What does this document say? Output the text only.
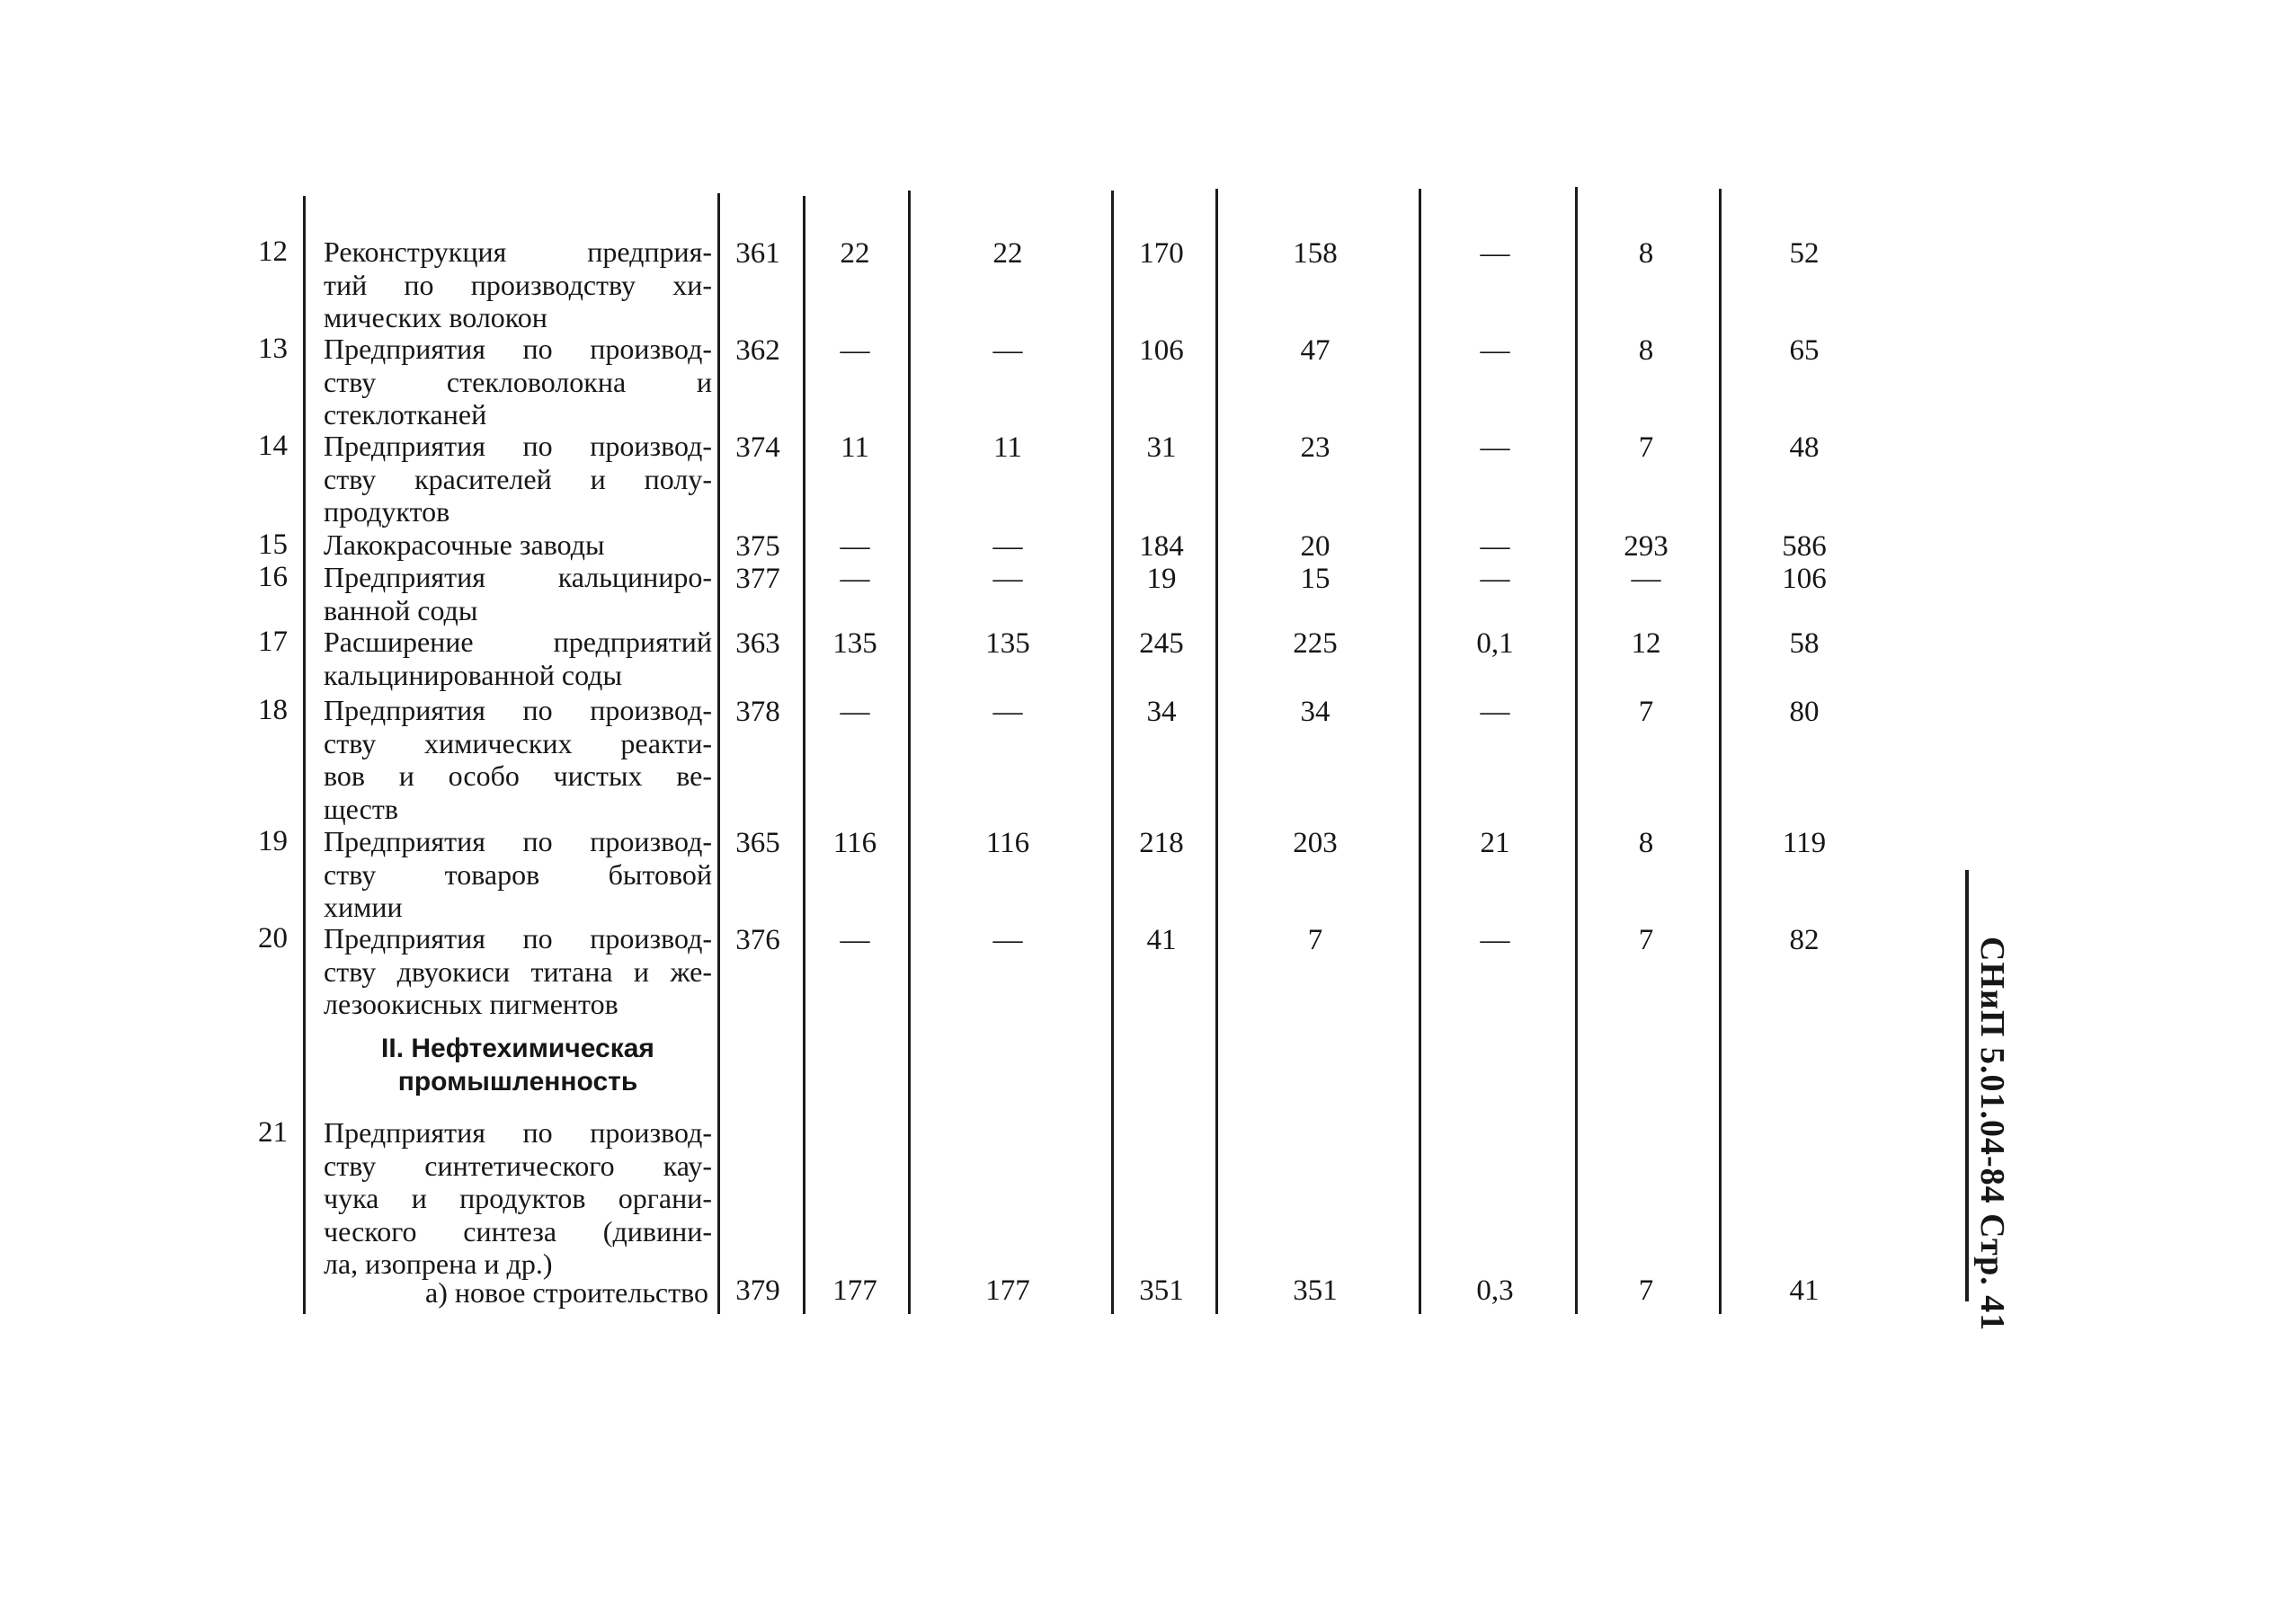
12 Реконструкция предприя-
тий по производству хи-
мических волокон
361	22	22	170	158	—	8	52
13 Предприятия по производ-
ству стекловолокна и
стеклотканей
362	—	—	106	47	—	8	65
14 Предприятия по производ-
ству красителей и полу-
продуктов
374	11	11	31	23	—	7	48
15 Лакокрасочные заводы	375	—	—	184	20	—	293	586
16 Предприятия кальциниро-
ванной соды
377	—	—	19	15	—	—	106
17 Расширение предприятий
кальцинированной соды
363	135	135	245	225	0,1	12	58
18 Предприятия по производ-
ству химических реакти-
вов и особо чистых ве-
ществ
378	—	—	34	34	—	7	80
19 Предприятия по производ-
ству товаров бытовой
химии
365	116	116	218	203	21	8	119
20 Предприятия по производ-
ству двуокиси титана и же-
лезоокисных пигментов
376	—	—	41	7	—	7	82
II. Нефтехимическая
промышленность
21 Предприятия по производ-
ству синтетического кау-
чука и продуктов органи-
ческого синтеза (дивини-
ла, изопрена и др.)
а) новое строительство 379	177	177	351	351	0,3	7	41	СНиП 5.01.04-84 Стр. 41
